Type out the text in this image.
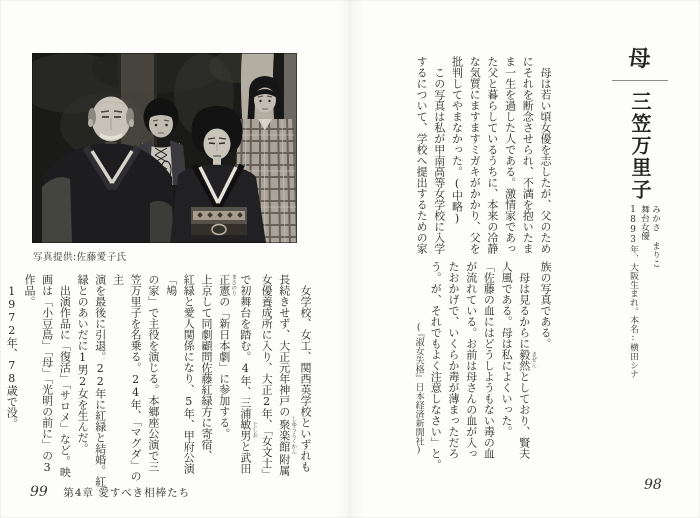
写真提供:佐藤愛子氏

女学校、女工、関西英学校といずれも

長続きせず、大正元年神戸の聚楽館 しゆうらくかん附属

女優養成所に入り、大正2年、「女文士」

で初舞台を踏む。4年、三浦敏男 としおと武田

正憲 まさのりの「新日本劇」に参加する。

上京して同劇顧問佐藤紅緑方に寄宿、

紅緑と愛人関係になり、5年、甲府公演「鳩

の家」で主役を演じる。本郷座公演で三

笠万里子を名乗る。24年、「マグダ」の主

演を最後に引退。22年に紅緑と結婚。紅

緑とのあいだに1男2女を生んだ。

出演作品に「復活」「サロメ」など。映

画は「小豆島」「母」「光明の前に」の3

作品。

1972年、78歳で没。

99 第4章 愛すべき相棒たち
母
三笠万里子

みかさ まりこ

舞台女優

1893年、大阪生まれ。本名:横田シナ

母は若い頃女優を志したが、父のため

にそれを断念させられ、不満を抱いたま

ま一生を過した人である。激情家であっ

た父と暮らしているうちに、本来の冷静

な気質にますますミガキがかかり、父を

批判してやまなかった。(中略)

この写真は私が甲南高等女学校に入学

するについて、学校へ提出するための家

族の写真である。

母は見るからに毅然 きぜんとしており、賢夫

人風である。母は私によくいった。

「佐藤の血にはどうしようもない毒の血

が流れている。お前は母さんの血が入っ

たおかげで、いくらか毒が薄まっただろ

う。が、それでもよく注意しなさい」と。

(『淑女失格』日本経済新聞社)

98
